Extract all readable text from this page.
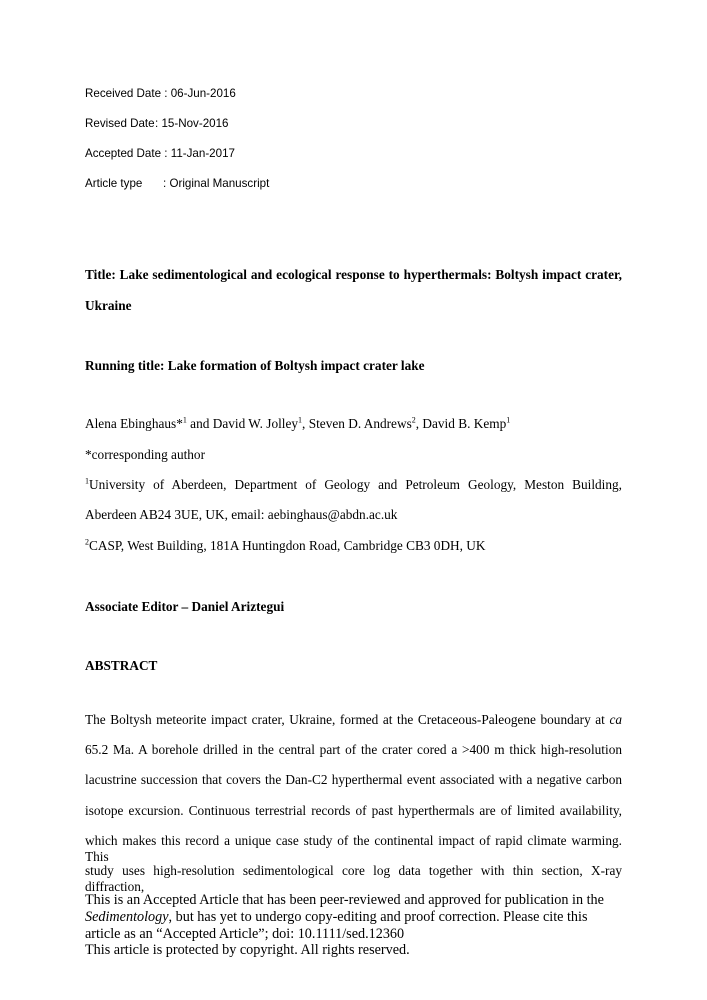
Received Date : 06-Jun-2016
Revised Date: 15-Nov-2016
Accepted Date : 11-Jan-2017
Article type : Original Manuscript
Title: Lake sedimentological and ecological response to hyperthermals: Boltysh impact crater,
Ukraine
Running title: Lake formation of Boltysh impact crater lake
Alena Ebinghaus*$^1$ and David W. Jolley$^1$, Steven D. Andrews$^2$, David B. Kemp$^1$
*corresponding author
$^1$University of Aberdeen, Department of Geology and Petroleum Geology, Meston Building,
Aberdeen AB24 3UE, UK, email: aebinghaus@abdn.ac.uk
$^2$CASP, West Building, 181A Huntingdon Road, Cambridge CB3 0DH, UK
Associate Editor – Daniel Ariztegui
ABSTRACT
The Boltysh meteorite impact crater, Ukraine, formed at the Cretaceous-Paleogene boundary at ca
65.2 Ma. A borehole drilled in the central part of the crater cored a >400 m thick high-resolution
lacustrine succession that covers the Dan-C2 hyperthermal event associated with a negative carbon
isotope excursion. Continuous terrestrial records of past hyperthermals are of limited availability,
which makes this record a unique case study of the continental impact of rapid climate warming. This
study uses high-resolution sedimentological core log data together with thin section, X-ray diffraction,
This is an Accepted Article that has been peer-reviewed and approved for publication in the
Sedimentology, but has yet to undergo copy-editing and proof correction. Please cite this
article as an “Accepted Article”; doi: 10.1111/sed.12360
This article is protected by copyright. All rights reserved.
